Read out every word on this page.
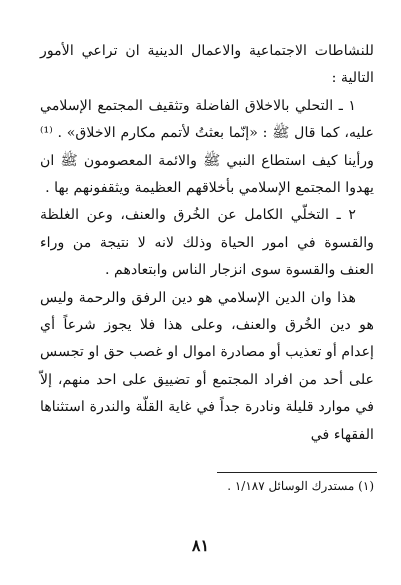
للنشاطات الاجتماعية والاعمال الدينية ان تراعي الأمور التالية :

١ ـ التحلي بالاخلاق الفاضلة وتثقيف المجتمع الإسلامي عليه، كما قال ﷺ : «إنّما بعثتُ لأتمم مكارم الاخلاق» . ⁽¹⁾ ورأينا كيف استطاع النبي ﷺ والائمة المعصومون ﷺ ان يهدوا المجتمع الإسلامي بأخلاقهم العظيمة ويثقفونهم بها .

٢ ـ التخلّي الكامل عن الخُرق والعنف، وعن الغلظة والقسوة في امور الحياة وذلك لانه لا نتيجة من وراء العنف والقسوة سوى انزجار الناس وابتعادهم .

هذا وان الدين الإسلامي هو دين الرفق والرحمة وليس هو دين الخُرق والعنف، وعلى هذا فلا يجوز شرعاً أي إعدام أو تعذيب أو مصادرة اموال او غصب حق او تجسس على أحد من افراد المجتمع أو تضييق على احد منهم، إلاّ في موارد قليلة ونادرة جداً في غاية القلّة والندرة استثناها الفقهاء في

(١) مستدرك الوسائل ١/١٨٧ .
٨١
